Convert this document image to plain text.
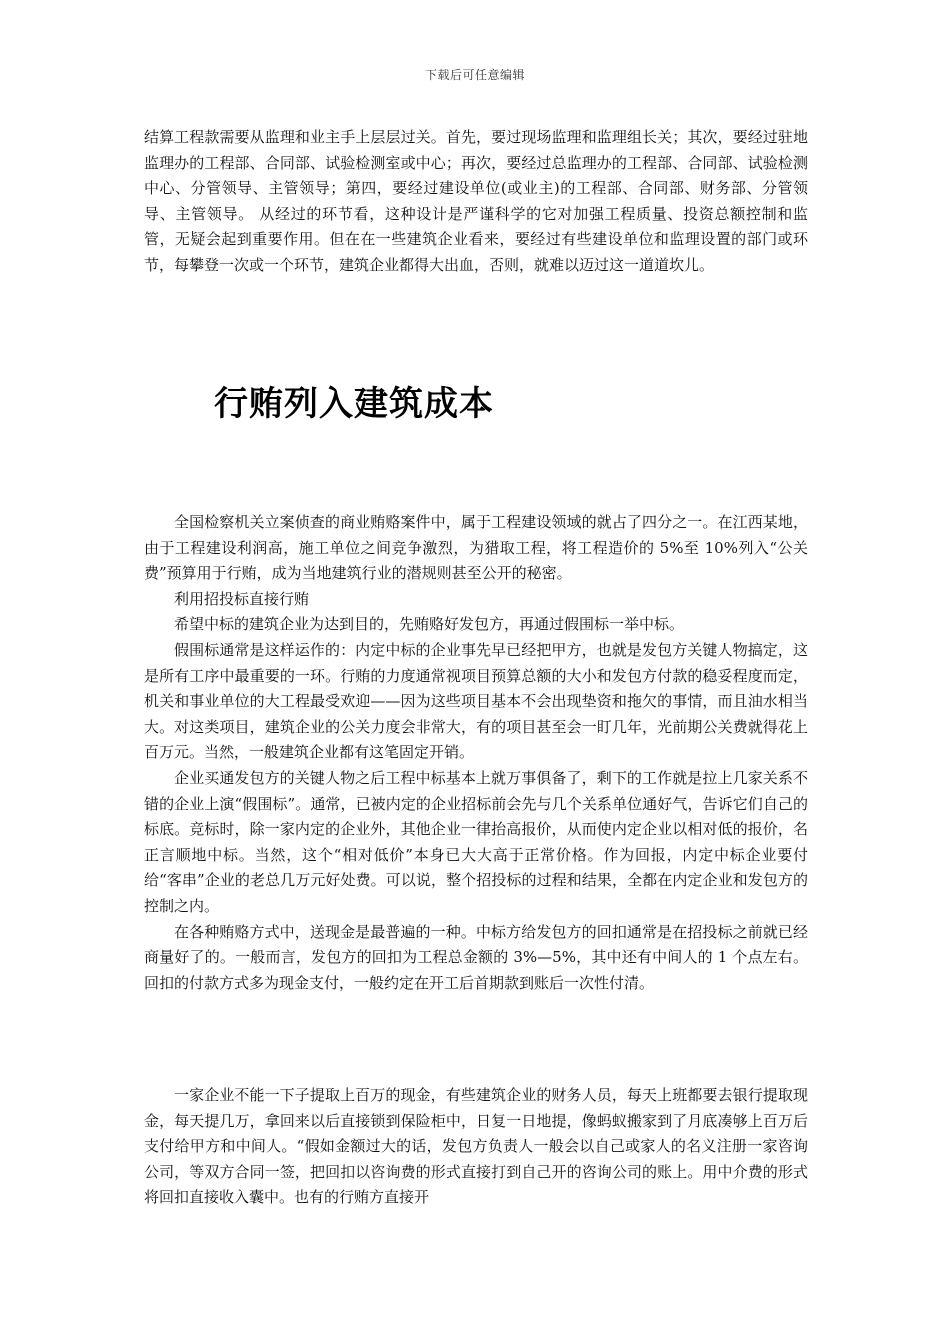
下载后可任意编辑

结算工程款需要从监理和业主手上层层过关。首先，要过现场监理和监理组长关；其次，要经过驻地监理办的工程部、合同部、试验检测室或中心；再次，要经过总监理办的工程部、合同部、试验检测中心、分管领导、主管领导；第四，要经过建设单位(或业主)的工程部、合同部、财务部、分管领导、主管领导。 从经过的环节看，这种设计是严谨科学的它对加强工程质量、投资总额控制和监管，无疑会起到重要作用。但在在一些建筑企业看来，要经过有些建设单位和监理设置的部门或环节，每攀登一次或一个环节，建筑企业都得大出血，否则，就难以迈过这一道道坎儿。

行贿列入建筑成本

全国检察机关立案侦查的商业贿赂案件中，属于工程建设领域的就占了四分之一。在江西某地，由于工程建设利润高，施工单位之间竞争激烈，为猎取工程，将工程造价的 5%至 10%列入“公关费”预算用于行贿，成为当地建筑行业的潜规则甚至公开的秘密。

利用招投标直接行贿

希望中标的建筑企业为达到目的，先贿赂好发包方，再通过假围标一举中标。

假围标通常是这样运作的：内定中标的企业事先早已经把甲方，也就是发包方关键人物搞定，这是所有工序中最重要的一环。行贿的力度通常视项目预算总额的大小和发包方付款的稳妥程度而定，机关和事业单位的大工程最受欢迎——因为这些项目基本不会出现垫资和拖欠的事情，而且油水相当大。对这类项目，建筑企业的公关力度会非常大，有的项目甚至会一盯几年，光前期公关费就得花上百万元。当然，一般建筑企业都有这笔固定开销。

企业买通发包方的关键人物之后工程中标基本上就万事俱备了，剩下的工作就是拉上几家关系不错的企业上演“假围标”。通常，已被内定的企业招标前会先与几个关系单位通好气，告诉它们自己的标底。竞标时，除一家内定的企业外，其他企业一律抬高报价，从而使内定企业以相对低的报价，名正言顺地中标。当然，这个“相对低价”本身已大大高于正常价格。作为回报，内定中标企业要付给“客串”企业的老总几万元好处费。可以说，整个招投标的过程和结果，全都在内定企业和发包方的控制之内。

在各种贿赂方式中，送现金是最普遍的一种。中标方给发包方的回扣通常是在招投标之前就已经商量好了的。一般而言，发包方的回扣为工程总金额的 3%—5%，其中还有中间人的 1 个点左右。回扣的付款方式多为现金支付，一般约定在开工后首期款到账后一次性付清。

一家企业不能一下子提取上百万的现金，有些建筑企业的财务人员，每天上班都要去银行提取现金，每天提几万，拿回来以后直接锁到保险柜中，日复一日地提，像蚂蚁搬家到了月底凑够上百万后支付给甲方和中间人。“假如金额过大的话，发包方负责人一般会以自己或家人的名义注册一家咨询公司，等双方合同一签，把回扣以咨询费的形式直接打到自己开的咨询公司的账上。用中介费的形式将回扣直接收入囊中。也有的行贿方直接开
